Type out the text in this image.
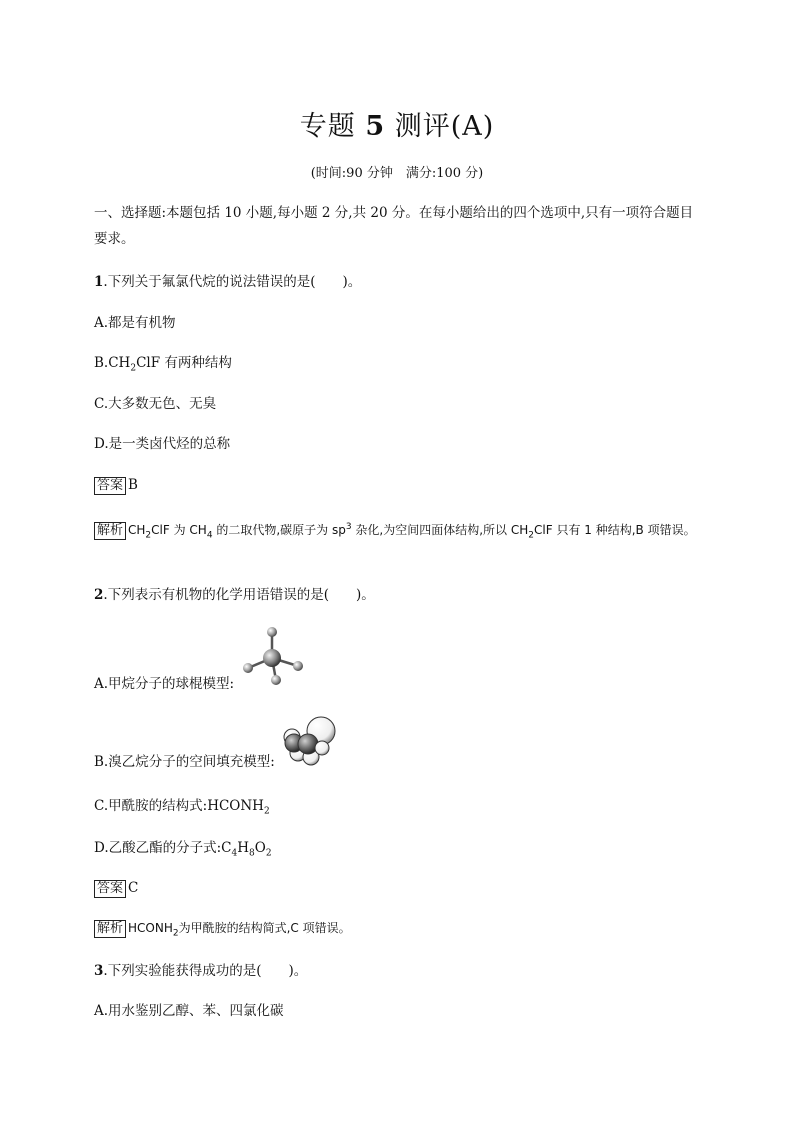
专题 5 测评(A)
(时间:90 分钟　满分:100 分)
一、选择题:本题包括 10 小题,每小题 2 分,共 20 分。在每小题给出的四个选项中,只有一项符合题目要求。
1.下列关于氟氯代烷的说法错误的是(　　)。
A.都是有机物
$B.CH_2ClF$ 有两种结构
C.大多数无色、无臭
D.是一类卤代烃的总称
答案 B
解析 $CH_2ClF$ 为 $CH_4$ 的二取代物,碳原子为 $sp^3$ 杂化,为空间四面体结构,所以 $CH_2ClF$ 只有 1 种结构,B 项错误。
2.下列表示有机物的化学用语错误的是(　　)。
A.甲烷分子的球棍模型:
B.溴乙烷分子的空间填充模型:
C.甲酰胺的结构式$:HCONH_2$
D.乙酸乙酯的分子式$:C_4H_8O_2$
答案 C
解析 $HCONH_2$为甲酰胺的结构简式,C 项错误。
3.下列实验能获得成功的是(　　)。
A.用水鉴别乙醇、苯、四氯化碳
